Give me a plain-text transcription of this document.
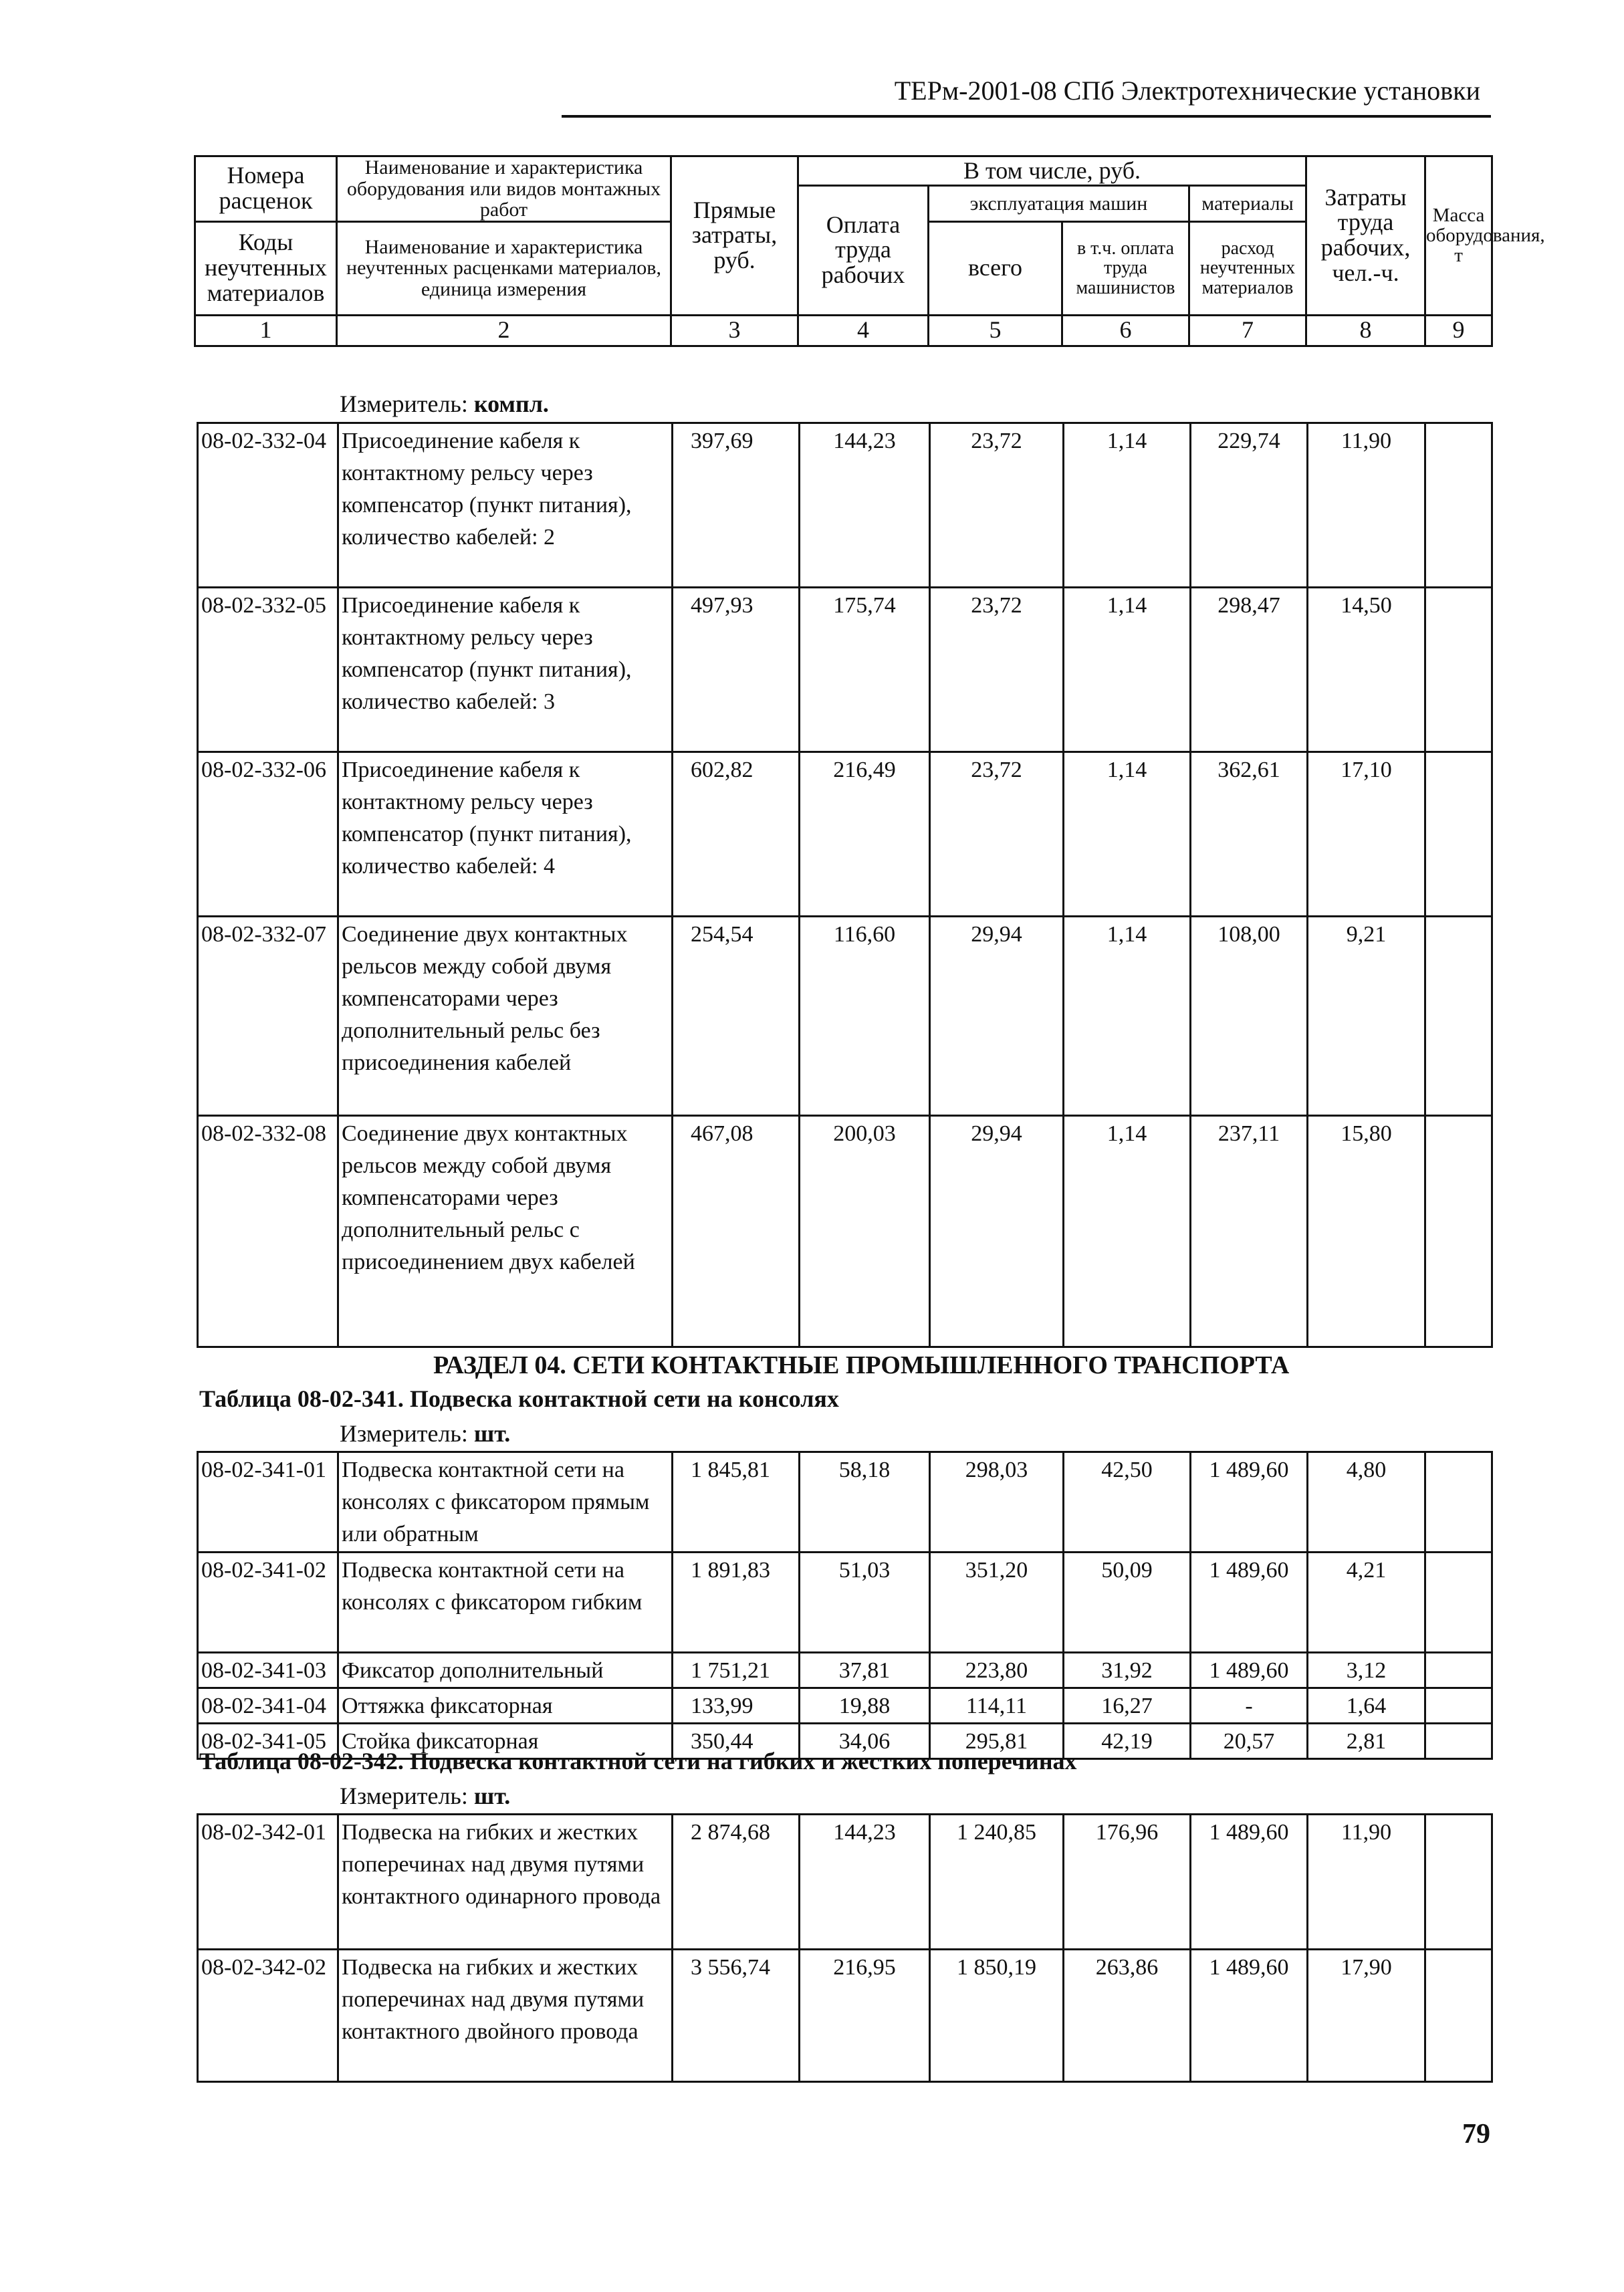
ТЕРм-2001-08 СПб Электротехнические установки
Номера расценок	Наименование и характеристика оборудования или видов монтажных работ	Прямые затраты, руб.	В том числе, руб.				Затраты труда рабочих, чел.-ч.	Масса оборудования, т
			Оплата труда рабочих	эксплуатация машин		материалы		
Коды неучтенных материалов	Наименование и характеристика неучтенных расценками материалов, единица измерения			всего	в т.ч. оплата труда машинистов	расход неучтенных материалов		

1	2	3	4	5	6	7	8	9
Измеритель: компл.
08-02-332-04	Присоединение кабеля к контактному рельсу через компенсатор (пункт питания), количество кабелей: 2	397,69	144,23	23,72	1,14	229,74	11,90	
08-02-332-05	Присоединение кабеля к контактному рельсу через компенсатор (пункт питания), количество кабелей: 3	497,93	175,74	23,72	1,14	298,47	14,50	
08-02-332-06	Присоединение кабеля к контактному рельсу через компенсатор (пункт питания), количество кабелей: 4	602,82	216,49	23,72	1,14	362,61	17,10	
08-02-332-07	Соединение двух контактных рельсов между собой двумя компенсаторами через дополнительный рельс без присоединения кабелей	254,54	116,60	29,94	1,14	108,00	9,21	
08-02-332-08	Соединение двух контактных рельсов между собой двумя компенсаторами через дополнительный рельс с присоединением двух кабелей	467,08	200,03	29,94	1,14	237,11	15,80	
РАЗДЕЛ 04. СЕТИ КОНТАКТНЫЕ ПРОМЫШЛЕННОГО ТРАНСПОРТА
Таблица 08-02-341. Подвеска контактной сети на консолях
Измеритель: шт.
08-02-341-01	Подвеска контактной сети на консолях с фиксатором прямым или обратным	1 845,81	58,18	298,03	42,50	1 489,60	4,80	
08-02-341-02	Подвеска контактной сети на консолях с фиксатором гибким	1 891,83	51,03	351,20	50,09	1 489,60	4,21	
08-02-341-03	Фиксатор дополнительный	1 751,21	37,81	223,80	31,92	1 489,60	3,12	
08-02-341-04	Оттяжка фиксаторная	133,99	19,88	114,11	16,27	-	1,64	
08-02-341-05	Стойка фиксаторная	350,44	34,06	295,81	42,19	20,57	2,81	
Таблица 08-02-342. Подвеска контактной сети на гибких и жестких поперечинах
Измеритель: шт.
08-02-342-01	Подвеска на гибких и жестких поперечинах над двумя путями контактного одинарного провода	2 874,68	144,23	1 240,85	176,96	1 489,60	11,90	
08-02-342-02	Подвеска на гибких и жестких поперечинах над двумя путями контактного двойного провода	3 556,74	216,95	1 850,19	263,86	1 489,60	17,90	
79
